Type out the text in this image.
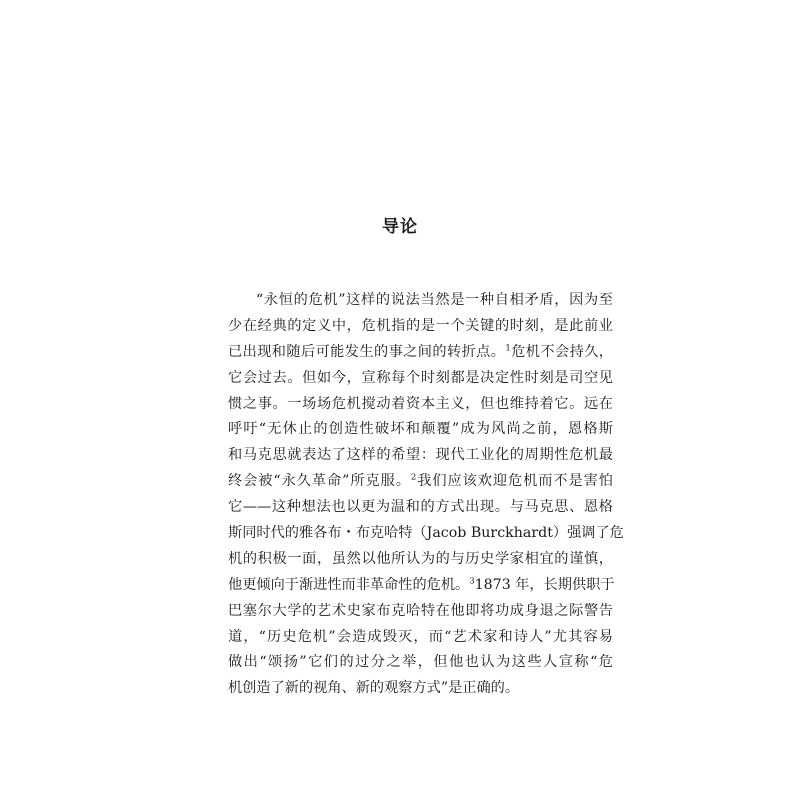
导论
“永恒的危机”这样的说法当然是一种自相矛盾，因为至
少在经典的定义中，危机指的是一个关键的时刻，是此前业
已出现和随后可能发生的事之间的转折点。$^1$危机不会持久，
它会过去。但如今，宣称每个时刻都是决定性时刻是司空见
惯之事。一场场危机搅动着资本主义，但也维持着它。远在
呼吁“无休止的创造性破坏和颠覆”成为风尚之前，恩格斯
和马克思就表达了这样的希望：现代工业化的周期性危机最
终会被“永久革命”所克服。$^2$我们应该欢迎危机而不是害怕
它——这种想法也以更为温和的方式出现。与马克思、恩格
斯同时代的雅各布・布克哈特（Jacob Burckhardt）强调了危
机的积极一面，虽然以他所认为的与历史学家相宜的谨慎，
他更倾向于渐进性而非革命性的危机。$^3$1873 年，长期供职于
巴塞尔大学的艺术史家布克哈特在他即将功成身退之际警告
道，“历史危机”会造成毁灭，而“艺术家和诗人”尤其容易
做出“颂扬”它们的过分之举，但他也认为这些人宣称“危
机创造了新的视角、新的观察方式”是正确的。
